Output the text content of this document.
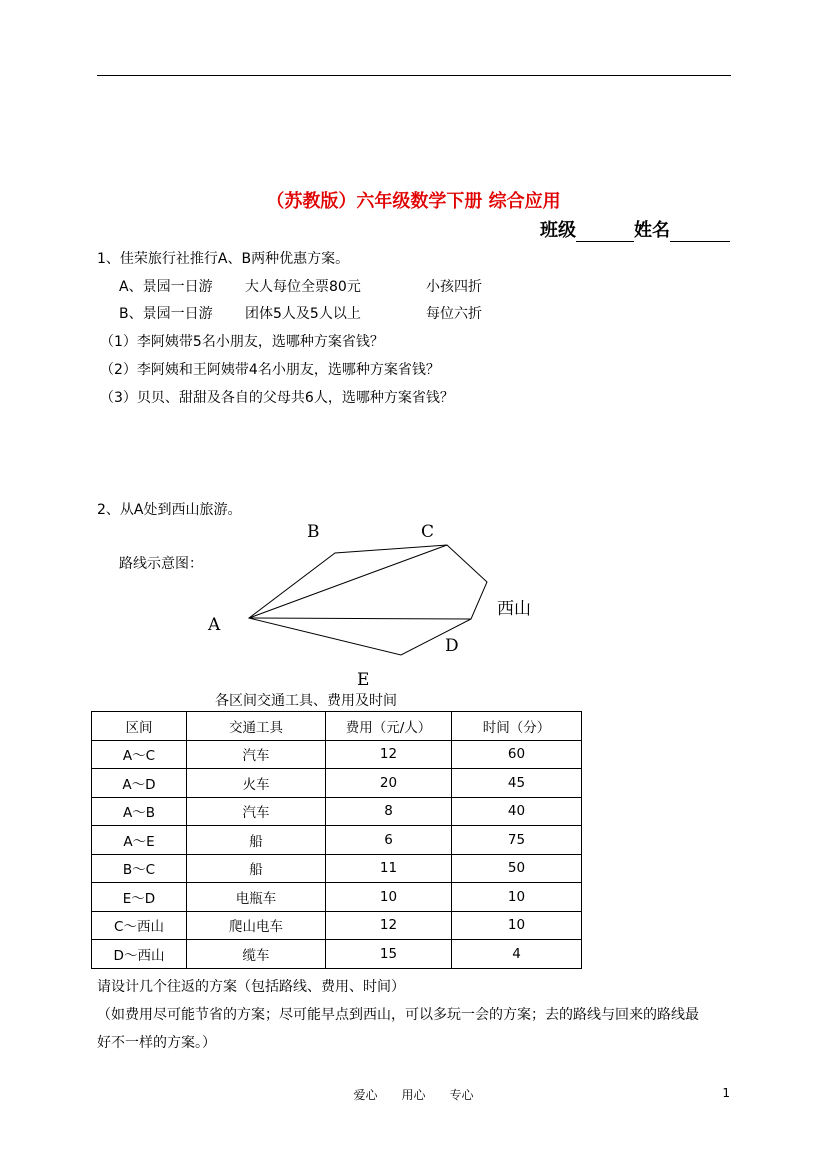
（苏教版）六年级数学下册 综合应用
班级	姓名
1、佳荣旅行社推行A、B两种优惠方案。
A、景园一日游 大人每位全票80元	小孩四折
B、景园一日游 团体5人及5人以上	每位六折
（1）李阿姨带5名小朋友，选哪种方案省钱？
（2）李阿姨和王阿姨带4名小朋友，选哪种方案省钱？
（3）贝贝、甜甜及各自的父母共6人，选哪种方案省钱？
2、从A处到西山旅游。
路线示意图：
B	C
A
D
E
西山
各区间交通工具、费用及时间
区间	交通工具	费用（元/人）	时间（分）
A～C	汽车	12	60
A～D	火车	20	45
A～B	汽车	8	40
A～E	船	6	75
B～C	船	11	50
E～D	电瓶车	10	10
C～西山	爬山电车	12	10
D～西山	缆车	15	4
请设计几个往返的方案（包括路线、费用、时间）
（如费用尽可能节省的方案；尽可能早点到西山，可以多玩一会的方案；去的路线与回来的路线最
好不一样的方案。）
爱心 用心 专心	1
